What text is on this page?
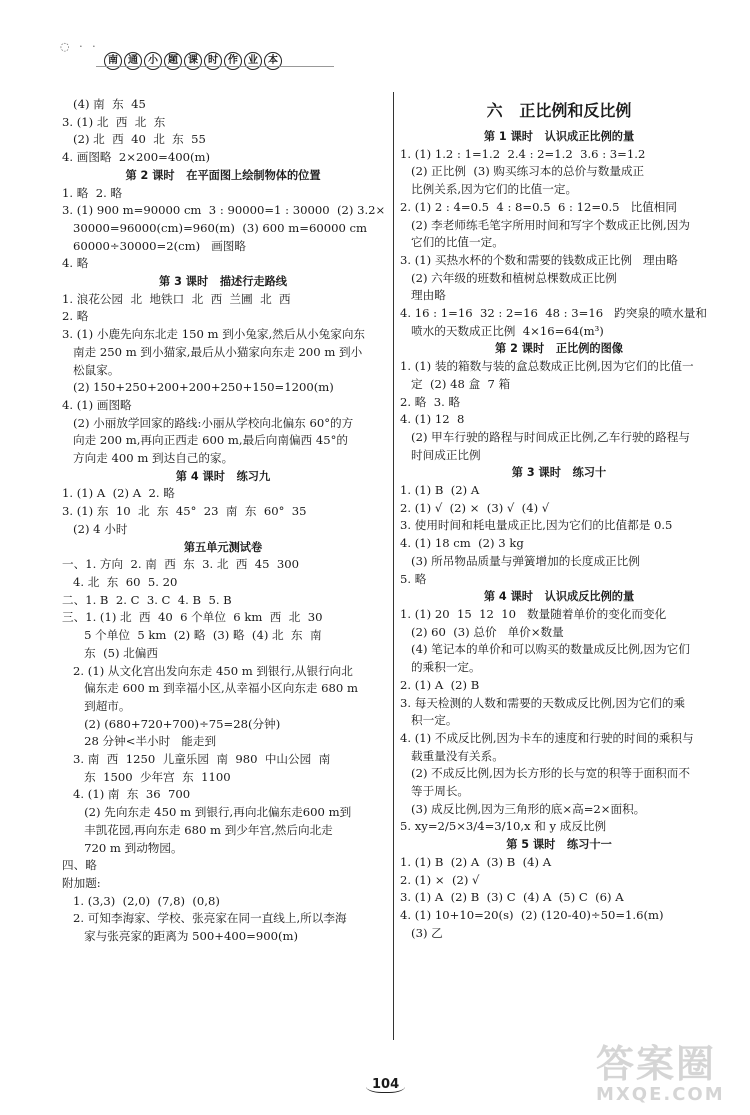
◌ · ·
南	通	小	题	课	时	作	业	本
(4) 南  东  45
3. (1) 北  西  北  东
(2) 北  西  40  北  东  55
4. 画图略  2×200=400(m)
第 2 课时   在平面图上绘制物体的位置
1. 略  2. 略
3. (1) 900 m=90000 cm  3 : 90000=1 : 30000  (2) 3.2×
30000=96000(cm)=960(m)  (3) 600 m=60000 cm
60000÷30000=2(cm)   画图略
4. 略
第 3 课时   描述行走路线
1. 浪花公园  北  地铁口  北  西  兰圃  北  西
2. 略
3. (1) 小鹿先向东北走 150 m 到小兔家,然后从小兔家向东
南走 250 m 到小猫家,最后从小猫家向东走 200 m 到小
松鼠家。
(2) 150+250+200+200+250+150=1200(m)
4. (1) 画图略
(2) 小丽放学回家的路线:小丽从学校向北偏东 60°的方
向走 200 m,再向正西走 600 m,最后向南偏西 45°的
方向走 400 m 到达自己的家。
第 4 课时   练习九
1. (1) A  (2) A  2. 略
3. (1) 东  10  北  东  45°  23  南  东  60°  35
(2) 4 小时
第五单元测试卷
一、1. 方向  2. 南  西  东  3. 北  西  45  300
4. 北  东  60  5. 20
二、1. B  2. C  3. C  4. B  5. B
三、1. (1) 北  西  40  6 个单位  6 km  西  北  30
5 个单位  5 km  (2) 略  (3) 略  (4) 北  东  南
东  (5) 北偏西
2. (1) 从文化宫出发向东走 450 m 到银行,从银行向北
偏东走 600 m 到幸福小区,从幸福小区向东走 680 m
到超市。
(2) (680+720+700)÷75=28(分钟)
28 分钟<半小时   能走到
3. 南  西  1250  儿童乐园  南  980  中山公园  南
东  1500  少年宫  东  1100
4. (1) 南  东  36  700
(2) 先向东走 450 m 到银行,再向北偏东走600 m到
丰凯花园,再向东走 680 m 到少年宫,然后向北走
720 m 到动物园。
四、略
附加题:
1. (3,3)  (2,0)  (7,8)  (0,8)
2. 可知李海家、学校、张亮家在同一直线上,所以李海
家与张亮家的距离为 500+400=900(m)
六   正比例和反比例
第 1 课时   认识成正比例的量
1. (1) 1.2 : 1=1.2  2.4 : 2=1.2  3.6 : 3=1.2
(2) 正比例  (3) 购买练习本的总价与数量成正
比例关系,因为它们的比值一定。
2. (1) 2 : 4=0.5  4 : 8=0.5  6 : 12=0.5   比值相同
(2) 李老师练毛笔字所用时间和写字个数成正比例,因为
它们的比值一定。
3. (1) 买热水杯的个数和需要的钱数成正比例   理由略
(2) 六年级的班数和植树总棵数成正比例
理由略
4. 16 : 1=16  32 : 2=16  48 : 3=16   趵突泉的喷水量和
喷水的天数成正比例  4×16=64(m³)
第 2 课时   正比例的图像
1. (1) 装的箱数与装的盒总数成正比例,因为它们的比值一
定  (2) 48 盒  7 箱
2. 略  3. 略
4. (1) 12  8
(2) 甲车行驶的路程与时间成正比例,乙车行驶的路程与
时间成正比例
第 3 课时   练习十
1. (1) B  (2) A
2. (1) √  (2) ×  (3) √  (4) √
3. 使用时间和耗电量成正比,因为它们的比值都是 0.5
4. (1) 18 cm  (2) 3 kg
(3) 所吊物品质量与弹簧增加的长度成正比例
5. 略
第 4 课时   认识成反比例的量
1. (1) 20  15  12  10   数量随着单价的变化而变化
(2) 60  (3) 总价   单价×数量
(4) 笔记本的单价和可以购买的数量成反比例,因为它们
的乘积一定。
2. (1) A  (2) B
3. 每天检测的人数和需要的天数成反比例,因为它们的乘
积一定。
4. (1) 不成反比例,因为卡车的速度和行驶的时间的乘积与
载重量没有关系。
(2) 不成反比例,因为长方形的长与宽的积等于面积而不
等于周长。
(3) 成反比例,因为三角形的底×高=2×面积。
5. xy=2/5×3/4=3/10,x 和 y 成反比例
第 5 课时   练习十一
1. (1) B  (2) A  (3) B  (4) A
2. (1) ×  (2) √
3. (1) A  (2) B  (3) C  (4) A  (5) C  (6) A
4. (1) 10+10=20(s)  (2) (120-40)÷50=1.6(m)
(3) 乙
104	答案圈
MXQE.COM
